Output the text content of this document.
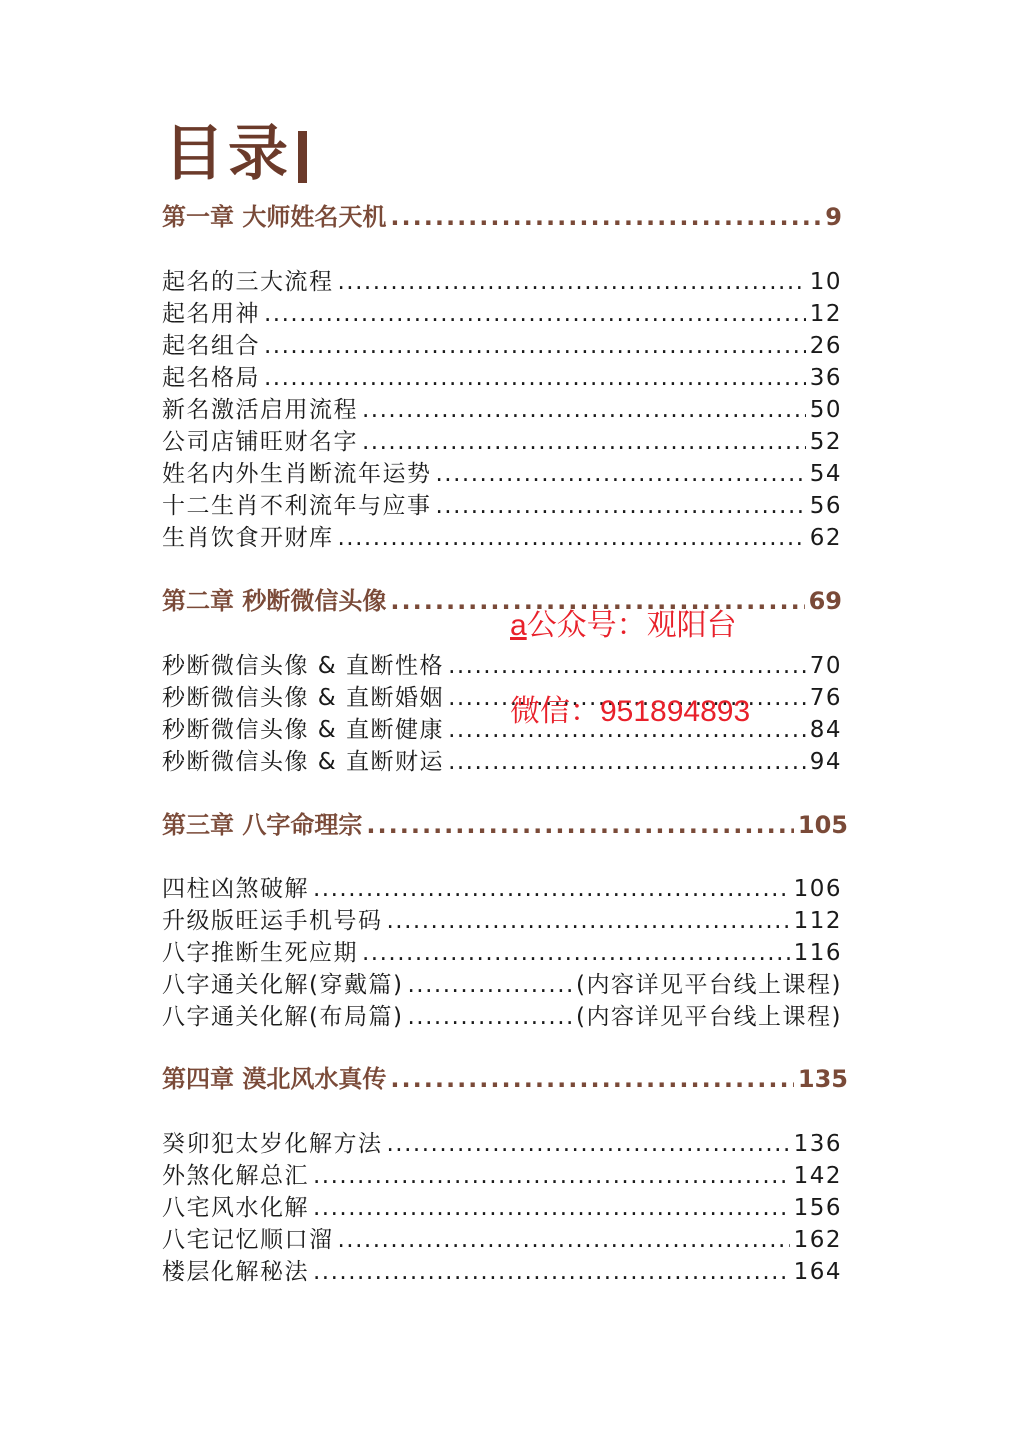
目录
第一章 大师姓名天机 .....	9
起名的三大流程 .....	10
起名用神 .....	12
起名组合 .....	26
起名格局 .....	36
新名激活启用流程 .....	50
公司店铺旺财名字 .....	52
姓名内外生肖断流年运势 .....	54
十二生肖不利流年与应事 .....	56
生肖饮食开财库 .....	62
第二章 秒断微信头像 .....	69
秒断微信头像 & 直断性格 .....	70
秒断微信头像 & 直断婚姻 .....	76
秒断微信头像 & 直断健康 .....	84
秒断微信头像 & 直断财运 .....	94
第三章 八字命理宗 .....	105
四柱凶煞破解 .....	106
升级版旺运手机号码 .....	112
八字推断生死应期 .....	116
八字通关化解(穿戴篇) .....	(内容详见平台线上课程)
八字通关化解(布局篇) .....	(内容详见平台线上课程)
第四章 漠北风水真传 .....	135
癸卯犯太岁化解方法 .....	136
外煞化解总汇 .....	142
八宅风水化解 .....	156
八宅记忆顺口溜 .....	162
楼层化解秘法 .....	164
a公众号：观阳台
微信：951894893
